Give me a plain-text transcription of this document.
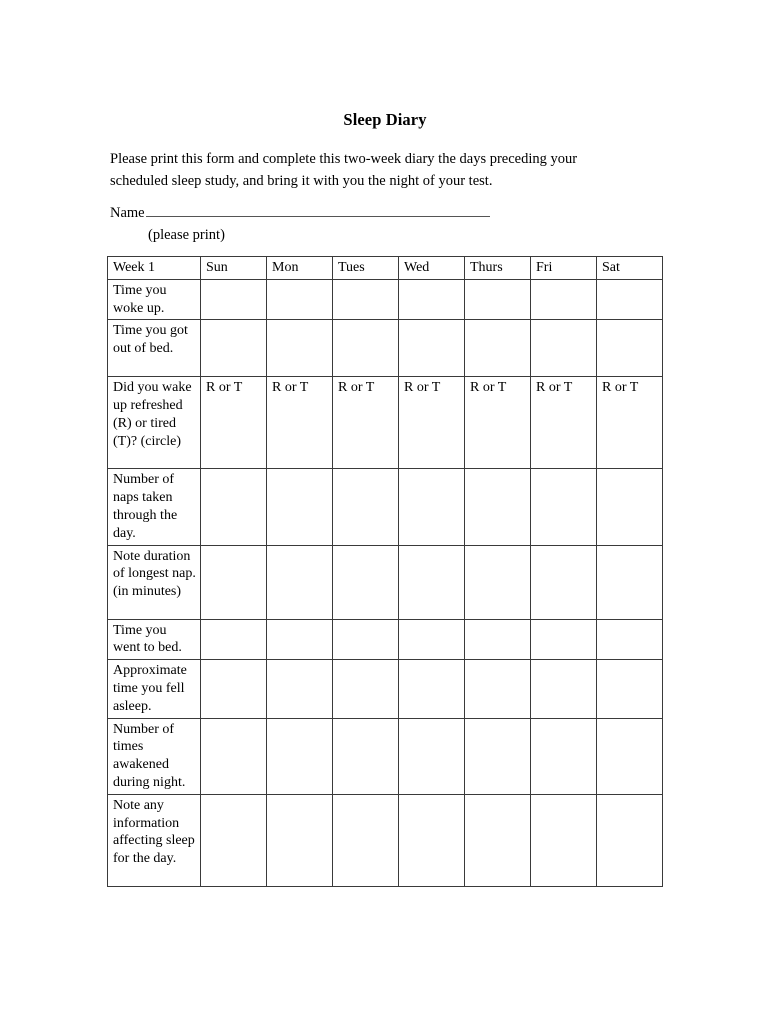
Sleep Diary
Please print this form and complete this two-week diary the days preceding your
scheduled sleep study, and bring it with you the night of your test.
Name
(please print)
Week 1	Sun	Mon	Tues	Wed	Thurs	Fri	Sat
Time you woke up.							
Time you got out of bed.							
Did you wake up refreshed (R) or tired (T)? (circle)	R or T	R or T	R or T	R or T	R or T	R or T	R or T
Number of naps taken through the day.							
Note duration of longest nap. (in minutes)							
Time you went to bed.							
Approximate time you fell asleep.							
Number of times awakened during night.							
Note any information affecting sleep for the day.							
